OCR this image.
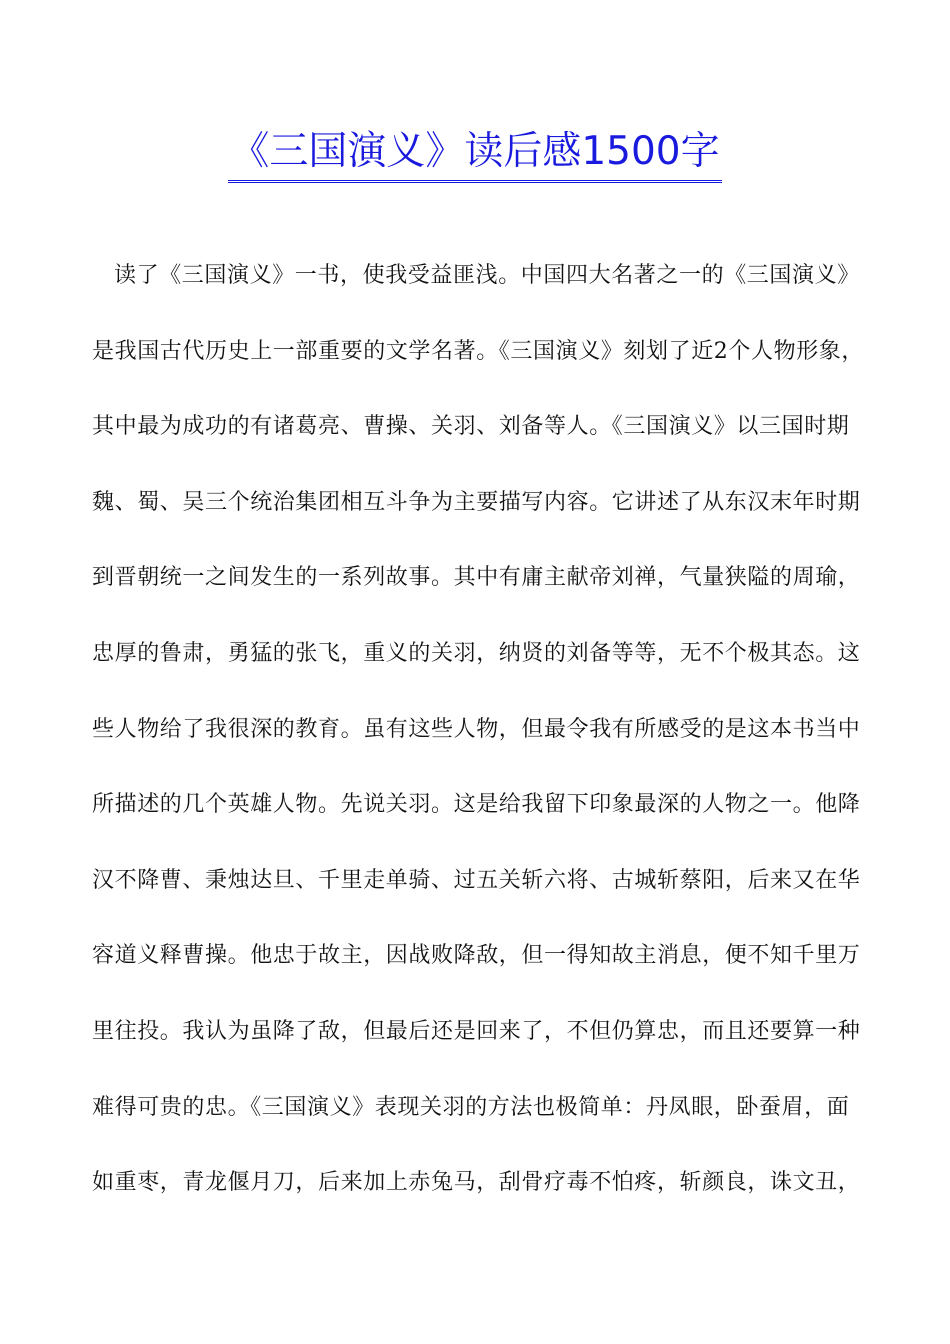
《三国演义》读后感1500字
读了《三国演义》一书，使我受益匪浅。中国四大名著之一的《三国演义》
是我国古代历史上一部重要的文学名著。《三国演义》刻划了近2个人物形象，
其中最为成功的有诸葛亮、曹操、关羽、刘备等人。《三国演义》以三国时期
魏、蜀、吴三个统治集团相互斗争为主要描写内容。它讲述了从东汉末年时期
到晋朝统一之间发生的一系列故事。其中有庸主献帝刘禅，气量狭隘的周瑜，
忠厚的鲁肃，勇猛的张飞，重义的关羽，纳贤的刘备等等，无不个极其态。这
些人物给了我很深的教育。虽有这些人物，但最令我有所感受的是这本书当中
所描述的几个英雄人物。先说关羽。这是给我留下印象最深的人物之一。他降
汉不降曹、秉烛达旦、千里走单骑、过五关斩六将、古城斩蔡阳，后来又在华
容道义释曹操。他忠于故主，因战败降敌，但一得知故主消息，便不知千里万
里往投。我认为虽降了敌，但最后还是回来了，不但仍算忠，而且还要算一种
难得可贵的忠。《三国演义》表现关羽的方法也极简单：丹凤眼，卧蚕眉，面
如重枣，青龙偃月刀，后来加上赤兔马，刮骨疗毒不怕疼，斩颜良，诛文丑，
